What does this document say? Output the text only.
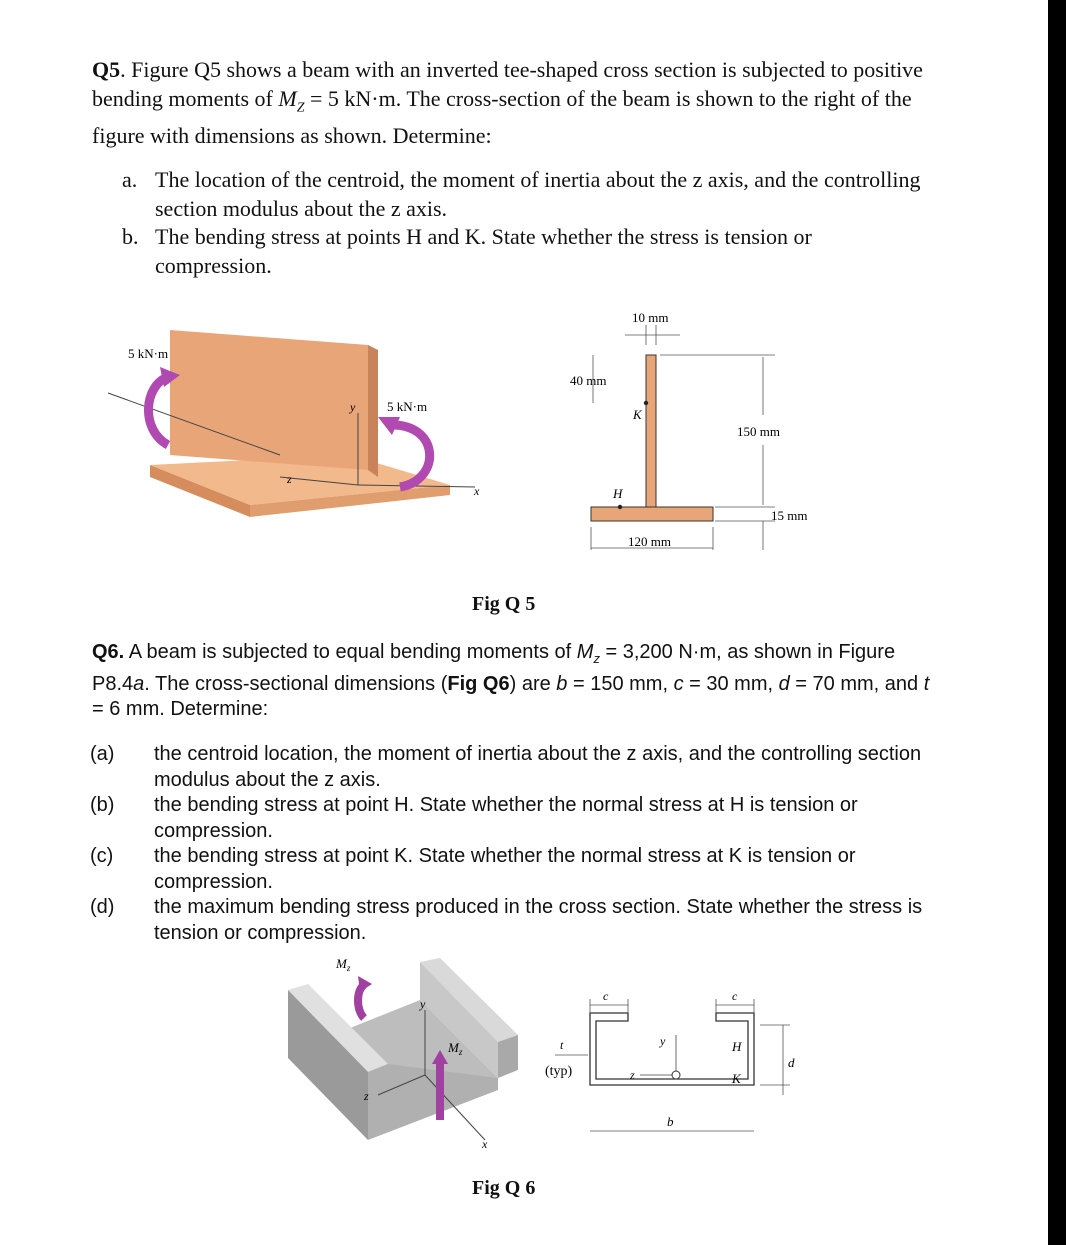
Q5. Figure Q5 shows a beam with an inverted tee-shaped cross section is subjected to positive bending moments of $M_Z = 5$ kN·m. The cross-section of the beam is shown to the right of the figure with dimensions as shown. Determine:
a. The location of the centroid, the moment of inertia about the z axis, and the controlling section modulus about the z axis.
b. The bending stress at points H and K. State whether the stress is tension or compression.
y
z
x
5 kN·m
5 kN·m
10 mm
40 mm
150 mm
15 mm
120 mm
K
H
Fig Q 5
Q6. A beam is subjected to equal bending moments of $M_z = 3,200$ N·m, as shown in Figure P8.4a. The cross-sectional dimensions (Fig Q6) are b = 150 mm, c = 30 mm, d = 70 mm, and t = 6 mm. Determine:
(a) the centroid location, the moment of inertia about the z axis, and the controlling section modulus about the z axis.
(b) the bending stress at point H. State whether the normal stress at H is tension or compression.
(c) the bending stress at point K. State whether the normal stress at K is tension or compression.
(d) the maximum bending stress produced in the cross section. State whether the stress is tension or compression.
y
z
x
$M_z$
$M_z$	t
(typ)
c	c
b
d
y
z
H
K
Fig Q 6
